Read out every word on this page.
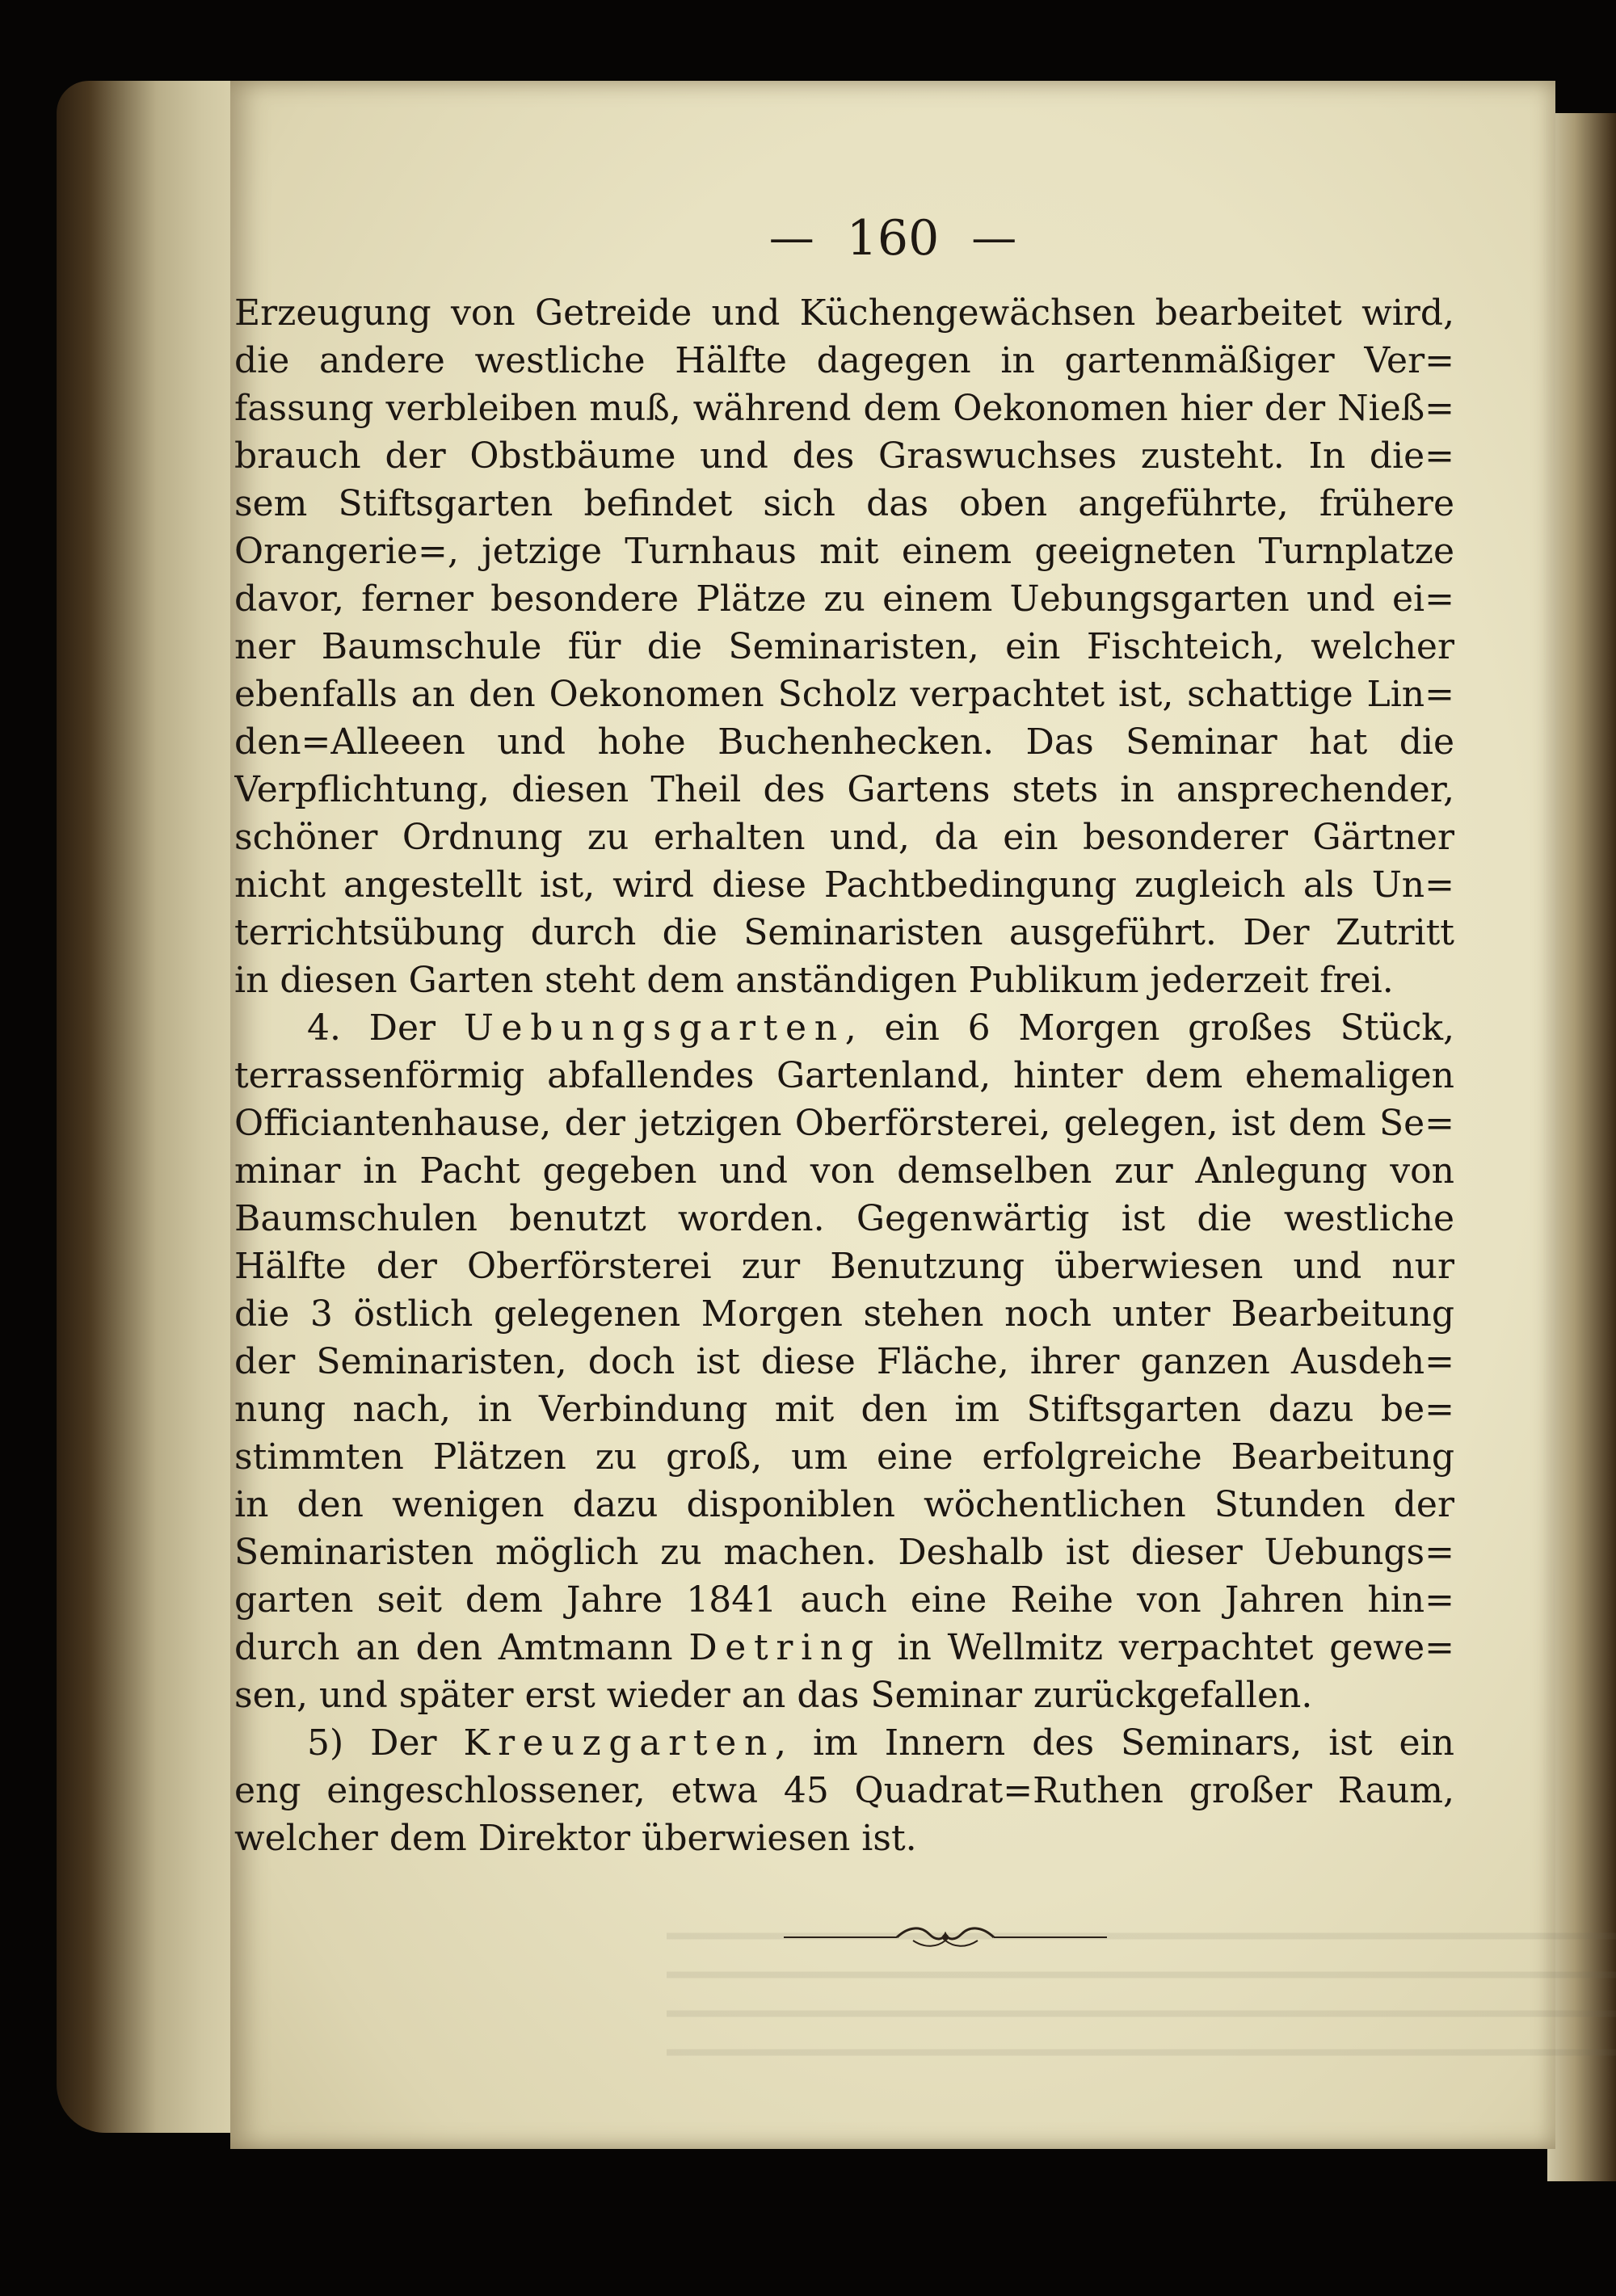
— 160 —
Erzeugung von Getreide und Küchengewächsen bearbeitet wird,
die andere westliche Hälfte dagegen in gartenmäßiger Ver=
fassung verbleiben muß, während dem Oekonomen hier der Nieß=
brauch der Obstbäume und des Graswuchses zusteht. In die=
sem Stiftsgarten befindet sich das oben angeführte, frühere
Orangerie=, jetzige Turnhaus mit einem geeigneten Turnplatze
davor, ferner besondere Plätze zu einem Uebungsgarten und ei=
ner Baumschule für die Seminaristen, ein Fischteich, welcher
ebenfalls an den Oekonomen Scholz verpachtet ist, schattige Lin=
den=Alleeen und hohe Buchenhecken. Das Seminar hat die
Verpflichtung, diesen Theil des Gartens stets in ansprechender,
schöner Ordnung zu erhalten und, da ein besonderer Gärtner
nicht angestellt ist, wird diese Pachtbedingung zugleich als Un=
terrichtsübung durch die Seminaristen ausgeführt. Der Zutritt
in diesen Garten steht dem anständigen Publikum jederzeit frei.
4. Der Uebungsgarten, ein 6 Morgen großes Stück,
terrassenförmig abfallendes Gartenland, hinter dem ehemaligen
Officiantenhause, der jetzigen Oberförsterei, gelegen, ist dem Se=
minar in Pacht gegeben und von demselben zur Anlegung von
Baumschulen benutzt worden. Gegenwärtig ist die westliche
Hälfte der Oberförsterei zur Benutzung überwiesen und nur
die 3 östlich gelegenen Morgen stehen noch unter Bearbeitung
der Seminaristen, doch ist diese Fläche, ihrer ganzen Ausdeh=
nung nach, in Verbindung mit den im Stiftsgarten dazu be=
stimmten Plätzen zu groß, um eine erfolgreiche Bearbeitung
in den wenigen dazu disponiblen wöchentlichen Stunden der
Seminaristen möglich zu machen. Deshalb ist dieser Uebungs=
garten seit dem Jahre 1841 auch eine Reihe von Jahren hin=
durch an den Amtmann Detring in Wellmitz verpachtet gewe=
sen, und später erst wieder an das Seminar zurückgefallen.
5) Der Kreuzgarten, im Innern des Seminars, ist ein
eng eingeschlossener, etwa 45 Quadrat=Ruthen großer Raum,
welcher dem Direktor überwiesen ist.
